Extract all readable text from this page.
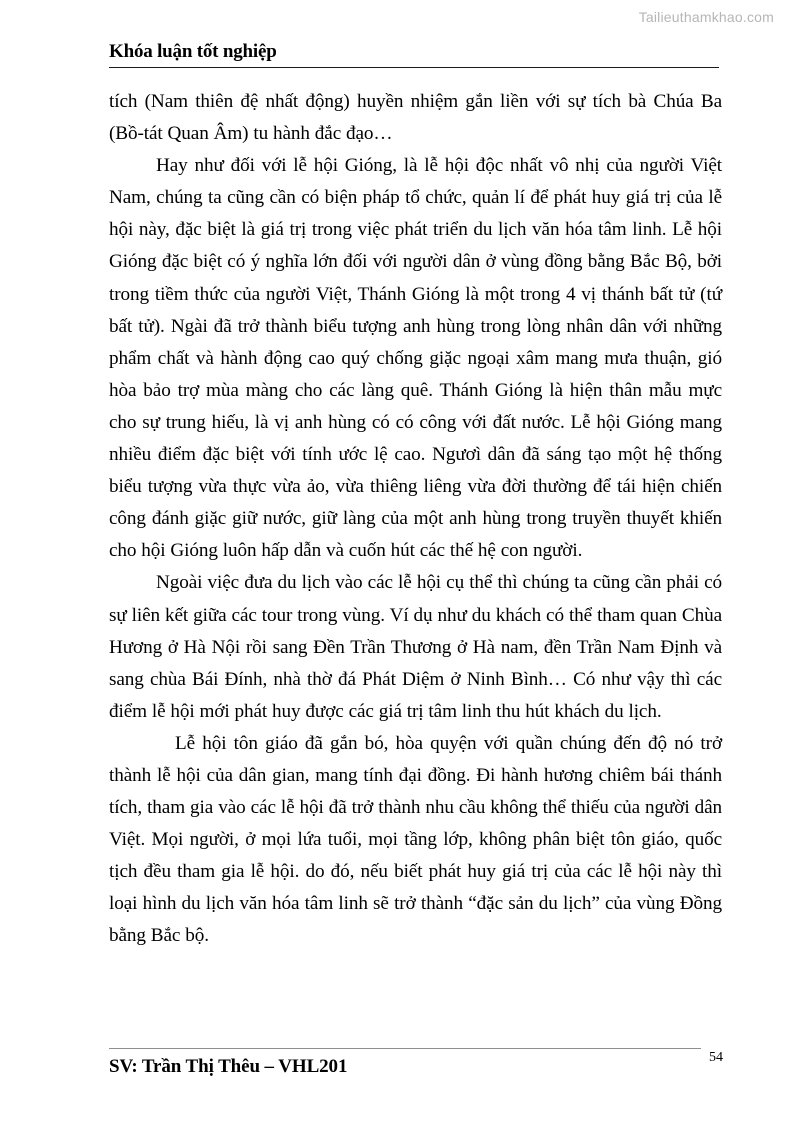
Tailieuthamkhao.com
Khóa luận tốt nghiệp

tích (Nam thiên đệ nhất động) huyền nhiệm gắn liền với sự tích bà Chúa Ba (Bồ-tát Quan Âm) tu hành đắc đạo…

Hay như đối với lễ hội Gióng, là lễ hội độc nhất vô nhị của người Việt Nam, chúng ta cũng cần có biện pháp tổ chức, quản lí để phát huy giá trị của lễ hội này, đặc biệt là giá trị trong việc phát triển du lịch văn hóa tâm linh. Lễ hội Gióng đặc biệt có ý nghĩa lớn đối với người dân ở vùng đồng bằng Bắc Bộ, bởi trong tiềm thức của người Việt, Thánh Gióng là một trong 4 vị thánh bất tử (tứ bất tử). Ngài đã trở thành biểu tượng anh hùng trong lòng nhân dân với những phẩm chất và hành động cao quý chống giặc ngoại xâm mang mưa thuận, gió hòa bảo trợ mùa màng cho các làng quê. Thánh Gióng là hiện thân mẫu mực cho sự trung hiếu, là vị anh hùng có có công với đất nước. Lễ hội Gióng mang nhiều điểm đặc biệt với tính ước lệ cao. Ngươì dân đã sáng tạo một hệ thống biểu tượng vừa thực vừa ảo, vừa thiêng liêng vừa đời thường để tái hiện chiến công đánh giặc giữ nước, giữ làng của một anh hùng trong truyền thuyết khiến cho hội Gióng luôn hấp dẫn và cuốn hút các thế hệ con người.

Ngoài việc đưa du lịch vào các lễ hội cụ thể thì chúng ta cũng cần phải có sự liên kết giữa các tour trong vùng. Ví dụ như du khách có thể tham quan Chùa Hương ở Hà Nội rồi sang Đền Trần Thương ở Hà nam, đền Trần Nam Định và sang chùa Bái Đính, nhà thờ đá Phát Diệm ở Ninh Bình… Có như vậy thì các điểm lễ hội mới phát huy được các giá trị tâm linh thu hút khách du lịch.

Lễ hội tôn giáo đã gắn bó, hòa quyện với quần chúng đến độ nó trở thành lễ hội của dân gian, mang tính đại đồng. Đi hành hương chiêm bái thánh tích, tham gia vào các lễ hội đã trở thành nhu cầu không thể thiếu của người dân Việt. Mọi người, ở mọi lứa tuổi, mọi tầng lớp, không phân biệt tôn giáo, quốc tịch đều tham gia lễ hội. do đó, nếu biết phát huy giá trị của các lễ hội này thì loại hình du lịch văn hóa tâm linh sẽ trở thành “đặc sản du lịch” của vùng Đồng bằng Bắc bộ.

SV: Trần Thị Thêu – VHL201	54
